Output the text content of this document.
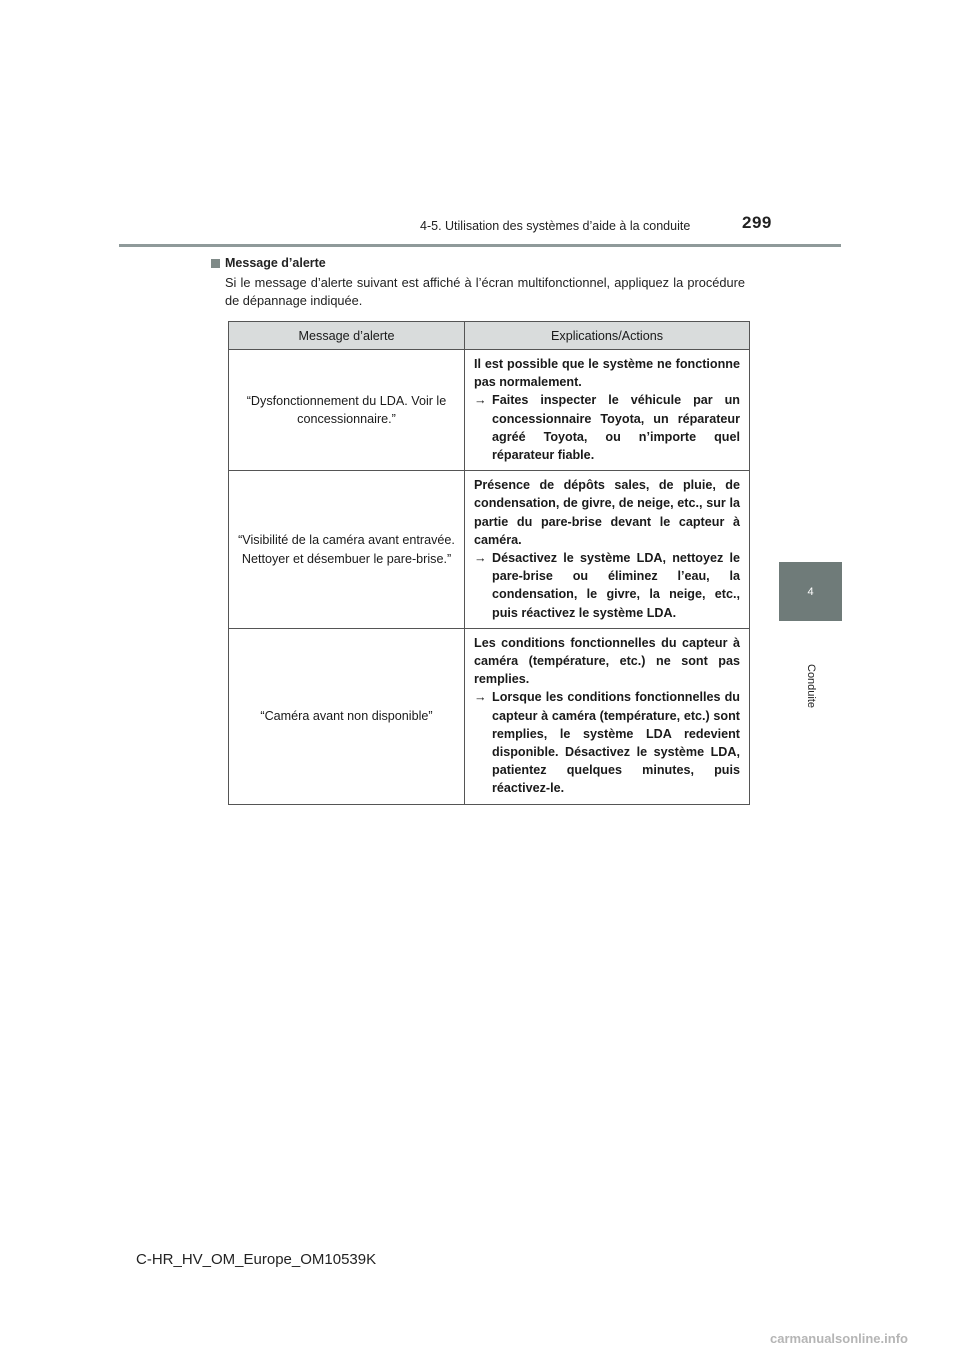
4-5. Utilisation des systèmes d’aide à la conduite	299
4
Conduite
Message d’alerte

Si le message d’alerte suivant est affiché à l’écran multifonctionnel, appliquez la procédure de dépannage indiquée.

Message d’alerte	Explications/Actions
“Dysfonctionnement du LDA. Voir le concessionnaire.”	Il est possible que le système ne fonctionne pas normalement.

→ Faites inspecter le véhicule par un concessionnaire Toyota, un réparateur agréé Toyota, ou n’importe quel réparateur fiable.

“Visibilité de la caméra avant entravée. Nettoyer et désembuer le pare-brise.”	Présence de dépôts sales, de pluie, de condensation, de givre, de neige, etc., sur la partie du pare-brise devant le capteur à caméra.

→ Désactivez le système LDA, nettoyez le pare-brise ou éliminez l’eau, la condensation, le givre, la neige, etc., puis réactivez le système LDA.

“Caméra avant non disponible”	Les conditions fonctionnelles du capteur à caméra (température, etc.) ne sont pas remplies.

→ Lorsque les conditions fonctionnelles du capteur à caméra (température, etc.) sont remplies, le système LDA redevient disponible. Désactivez le système LDA, patientez quelques minutes, puis réactivez-le.

C-HR_HV_OM_Europe_OM10539K
carmanualsonline.info
